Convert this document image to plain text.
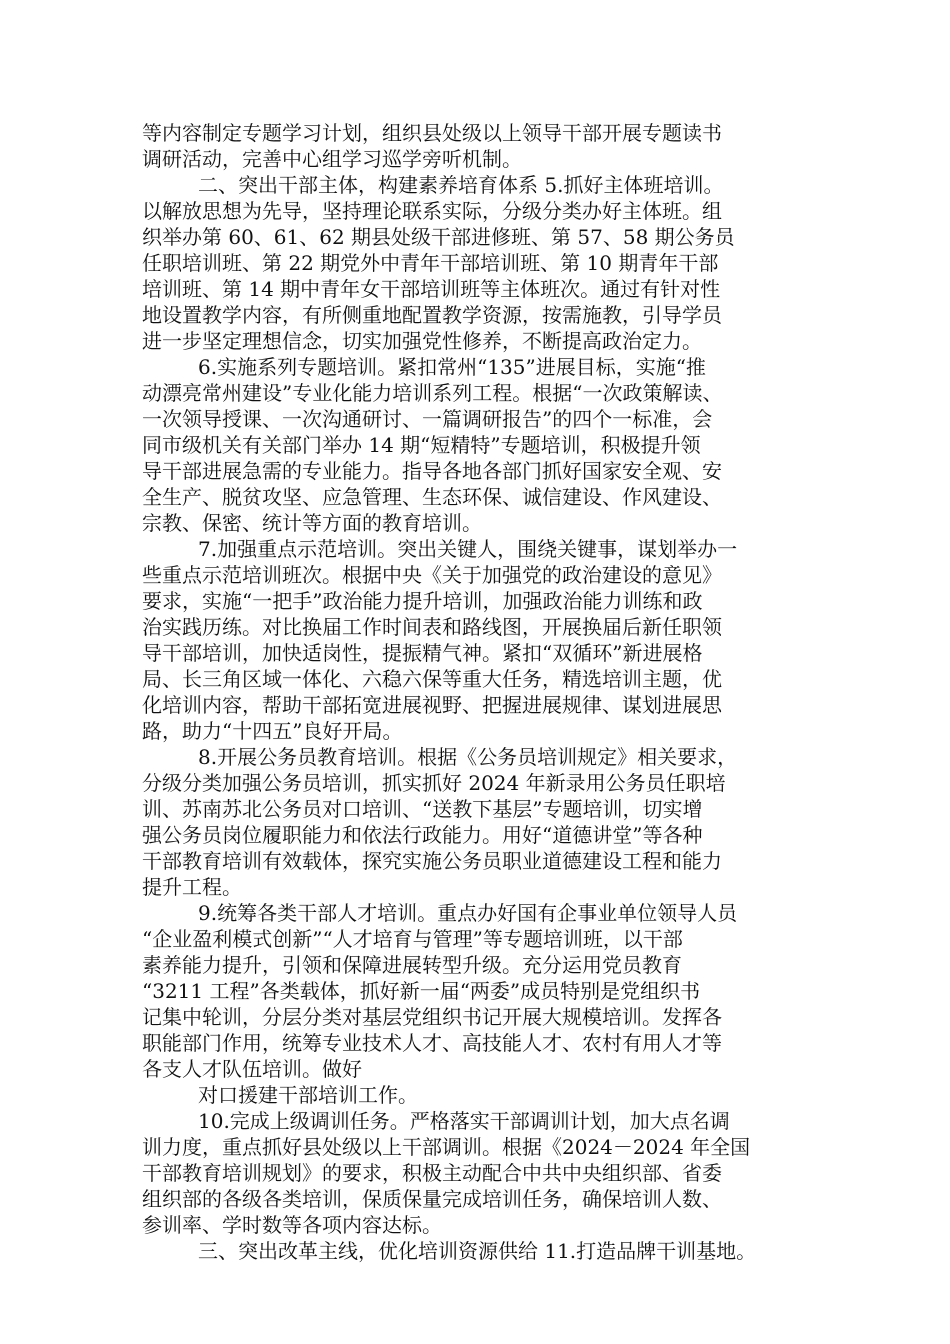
等内容制定专题学习计划，组织县处级以上领导干部开展专题读书
调研活动，完善中心组学习巡学旁听机制。
二、突出干部主体，构建素养培育体系 5.抓好主体班培训。
以解放思想为先导，坚持理论联系实际，分级分类办好主体班。组
织举办第 60、61、62 期县处级干部进修班、第 57、58 期公务员
任职培训班、第 22 期党外中青年干部培训班、第 10 期青年干部
培训班、第 14 期中青年女干部培训班等主体班次。通过有针对性
地设置教学内容，有所侧重地配置教学资源，按需施教，引导学员
进一步坚定理想信念，切实加强党性修养，不断提高政治定力。
6.实施系列专题培训。紧扣常州“135”进展目标，实施“推
动漂亮常州建设”专业化能力培训系列工程。根据“一次政策解读、
一次领导授课、一次沟通研讨、一篇调研报告”的四个一标准，会
同市级机关有关部门举办 14 期“短精特”专题培训，积极提升领
导干部进展急需的专业能力。指导各地各部门抓好国家安全观、安
全生产、脱贫攻坚、应急管理、生态环保、诚信建设、作风建设、
宗教、保密、统计等方面的教育培训。
7.加强重点示范培训。突出关键人，围绕关键事，谋划举办一
些重点示范培训班次。根据中央《关于加强党的政治建设的意见》
要求，实施“一把手”政治能力提升培训，加强政治能力训练和政
治实践历练。对比换届工作时间表和路线图，开展换届后新任职领
导干部培训，加快适岗性，提振精气神。紧扣“双循环”新进展格
局、长三角区域一体化、六稳六保等重大任务，精选培训主题，优
化培训内容，帮助干部拓宽进展视野、把握进展规律、谋划进展思
路，助力“十四五”良好开局。
8.开展公务员教育培训。根据《公务员培训规定》相关要求，
分级分类加强公务员培训，抓实抓好 2024 年新录用公务员任职培
训、苏南苏北公务员对口培训、“送教下基层”专题培训，切实增
强公务员岗位履职能力和依法行政能力。用好“道德讲堂”等各种
干部教育培训有效载体，探究实施公务员职业道德建设工程和能力
提升工程。
9.统筹各类干部人才培训。重点办好国有企事业单位领导人员
“企业盈利模式创新”“人才培育与管理”等专题培训班，以干部
素养能力提升，引领和保障进展转型升级。充分运用党员教育
“3211 工程”各类载体，抓好新一届“两委”成员特别是党组织书
记集中轮训，分层分类对基层党组织书记开展大规模培训。发挥各
职能部门作用，统筹专业技术人才、高技能人才、农村有用人才等
各支人才队伍培训。做好
对口援建干部培训工作。
10.完成上级调训任务。严格落实干部调训计划，加大点名调
训力度，重点抓好县处级以上干部调训。根据《2024－2024 年全国
干部教育培训规划》的要求，积极主动配合中共中央组织部、省委
组织部的各级各类培训，保质保量完成培训任务，确保培训人数、
参训率、学时数等各项内容达标。
三、突出改革主线，优化培训资源供给 11.打造品牌干训基地。
